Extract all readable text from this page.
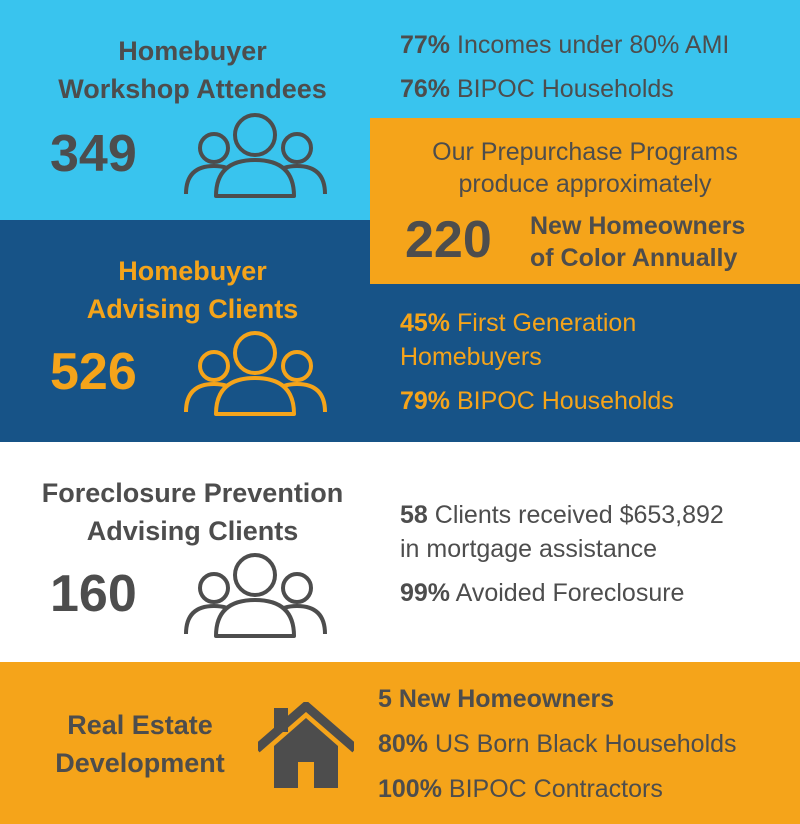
Homebuyer
Workshop Attendees
349

77% Incomes under 80% AMI

76% BIPOC Households

Homebuyer
Advising Clients
526

45% First Generation

Homebuyers

79% BIPOC Households

Our Prepurchase Programs
produce approximately
220 New Homeowners
of Color Annually
Foreclosure Prevention
Advising Clients
160

58 Clients received $653,892

in mortgage assistance

99% Avoided Foreclosure

Real Estate
Development

5 New Homeowners

80% US Born Black Households

100% BIPOC Contractors
